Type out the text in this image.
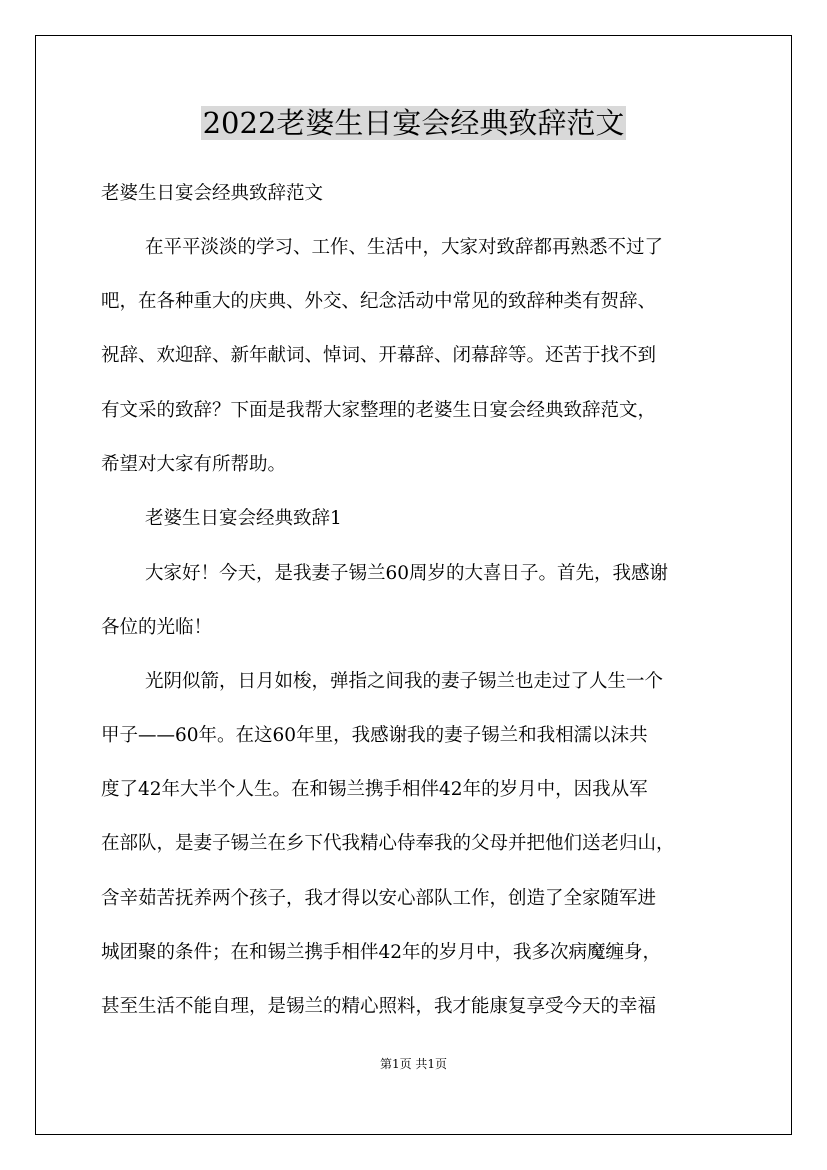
2022老婆生日宴会经典致辞范文
老婆生日宴会经典致辞范文
在平平淡淡的学习、工作、生活中，大家对致辞都再熟悉不过了
吧，在各种重大的庆典、外交、纪念活动中常见的致辞种类有贺辞、
祝辞、欢迎辞、新年献词、悼词、开幕辞、闭幕辞等。还苦于找不到
有文采的致辞？下面是我帮大家整理的老婆生日宴会经典致辞范文，
希望对大家有所帮助。
老婆生日宴会经典致辞1
大家好！今天，是我妻子锡兰60周岁的大喜日子。首先，我感谢
各位的光临！
光阴似箭，日月如梭，弹指之间我的妻子锡兰也走过了人生一个
甲子——60年。在这60年里，我感谢我的妻子锡兰和我相濡以沫共
度了42年大半个人生。在和锡兰携手相伴42年的岁月中，因我从军
在部队，是妻子锡兰在乡下代我精心侍奉我的父母并把他们送老归山，
含辛茹苦抚养两个孩子，我才得以安心部队工作，创造了全家随军进
城团聚的条件；在和锡兰携手相伴42年的岁月中，我多次病魔缠身，
甚至生活不能自理，是锡兰的精心照料，我才能康复享受今天的幸福
第1页 共1页
